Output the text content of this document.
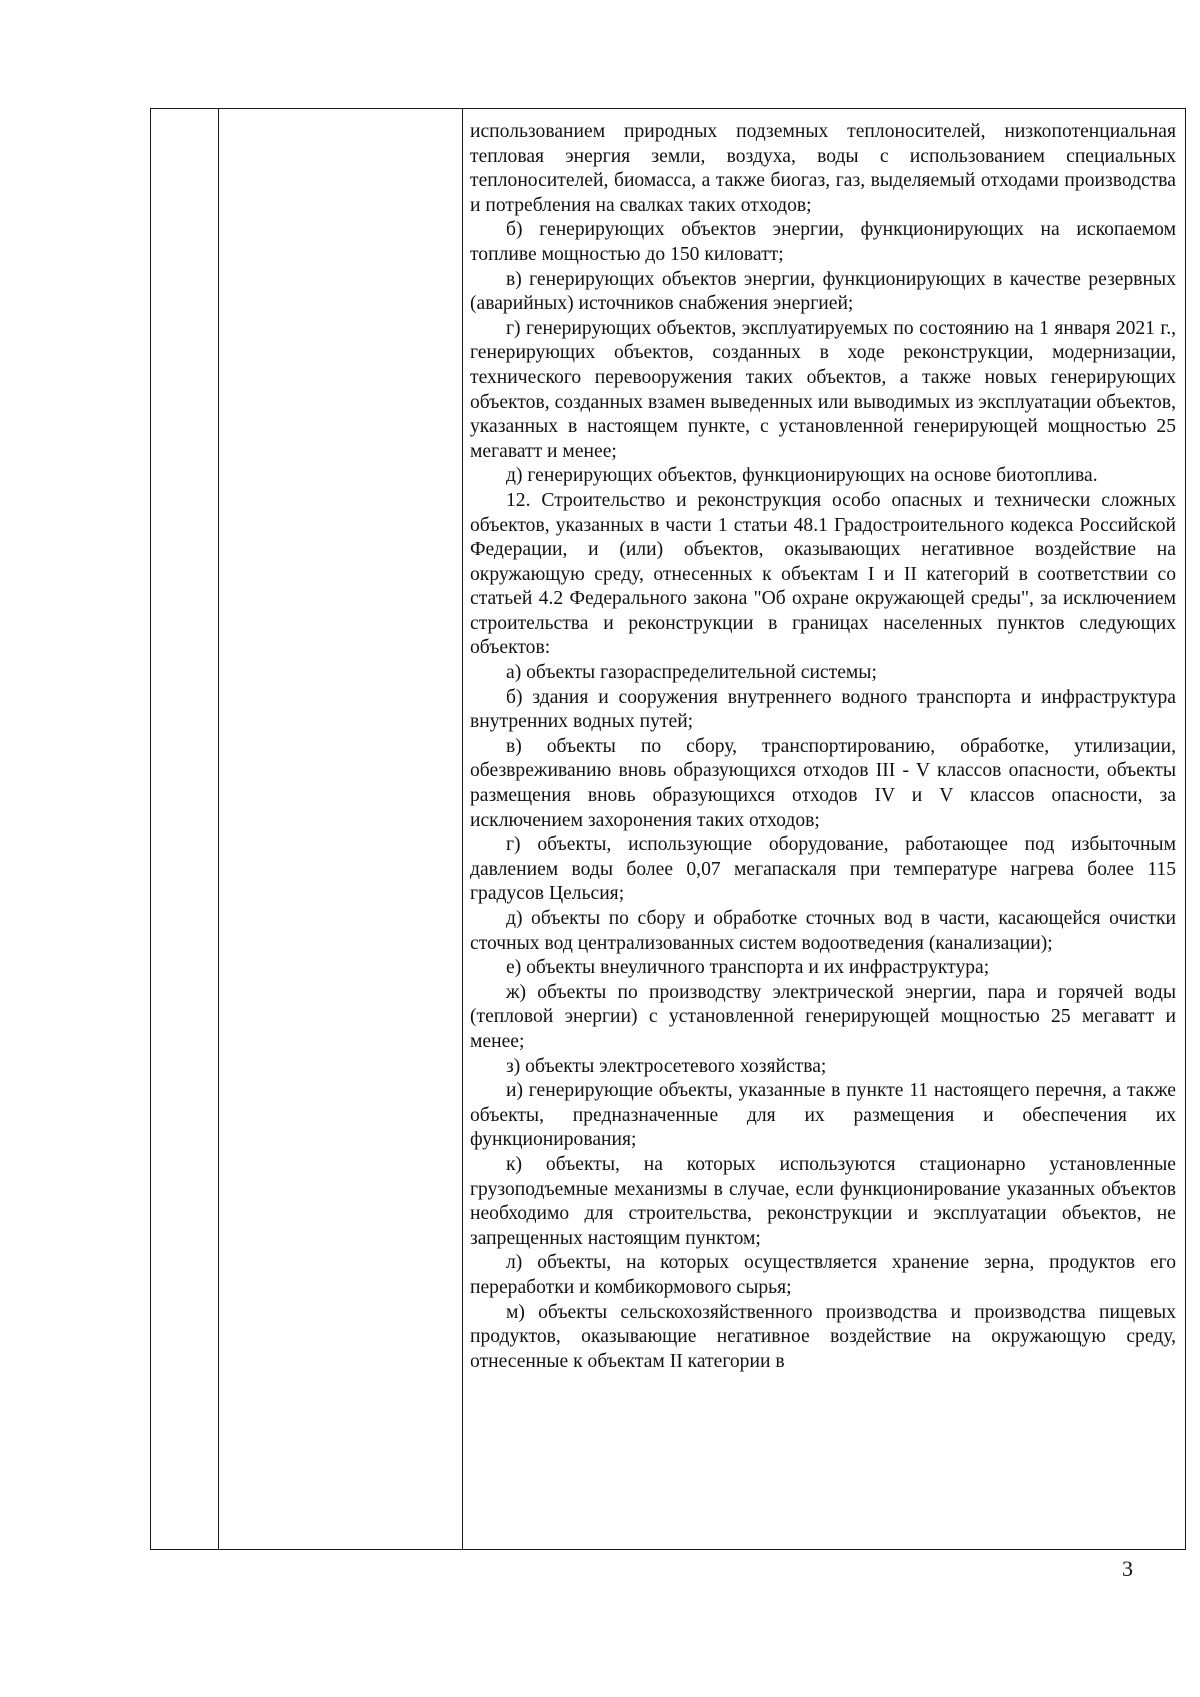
использованием природных подземных теплоносителей, низкопотенциальная тепловая энергия земли, воздуха, воды с использованием специальных теплоносителей, биомасса, а также биогаз, газ, выделяемый отходами производства и потребления на свалках таких отходов;

б) генерирующих объектов энергии, функционирующих на ископаемом топливе мощностью до 150 киловатт;

в) генерирующих объектов энергии, функционирующих в качестве резервных (аварийных) источников снабжения энергией;

г) генерирующих объектов, эксплуатируемых по состоянию на 1 января 2021 г., генерирующих объектов, созданных в ходе реконструкции, модернизации, технического перевооружения таких объектов, а также новых генерирующих объектов, созданных взамен выведенных или выводимых из эксплуатации объектов, указанных в настоящем пункте, с установленной генерирующей мощностью 25 мегаватт и менее;

д) генерирующих объектов, функционирующих на основе биотоплива.

12. Строительство и реконструкция особо опасных и технически сложных объектов, указанных в части 1 статьи 48.1 Градостроительного кодекса Российской Федерации, и (или) объектов, оказывающих негативное воздействие на окружающую среду, отнесенных к объектам I и II категорий в соответствии со статьей 4.2 Федерального закона "Об охране окружающей среды", за исключением строительства и реконструкции в границах населенных пунктов следующих объектов:

а) объекты газораспределительной системы;

б) здания и сооружения внутреннего водного транспорта и инфраструктура внутренних водных путей;

в) объекты по сбору, транспортированию, обработке, утилизации, обезвреживанию вновь образующихся отходов III - V классов опасности, объекты размещения вновь образующихся отходов IV и V классов опасности, за исключением захоронения таких отходов;

г) объекты, использующие оборудование, работающее под избыточным давлением воды более 0,07 мегапаскаля при температуре нагрева более 115 градусов Цельсия;

д) объекты по сбору и обработке сточных вод в части, касающейся очистки сточных вод централизованных систем водоотведения (канализации);

е) объекты внеуличного транспорта и их инфраструктура;

ж) объекты по производству электрической энергии, пара и горячей воды (тепловой энергии) с установленной генерирующей мощностью 25 мегаватт и менее;

з) объекты электросетевого хозяйства;

и) генерирующие объекты, указанные в пункте 11 настоящего перечня, а также объекты, предназначенные для их размещения и обеспечения их функционирования;

к) объекты, на которых используются стационарно установленные грузоподъемные механизмы в случае, если функционирование указанных объектов необходимо для строительства, реконструкции и эксплуатации объектов, не запрещенных настоящим пунктом;

л) объекты, на которых осуществляется хранение зерна, продуктов его переработки и комбикормового сырья;

м) объекты сельскохозяйственного производства и производства пищевых продуктов, оказывающие негативное воздействие на окружающую среду, отнесенные к объектам II категории в

3
